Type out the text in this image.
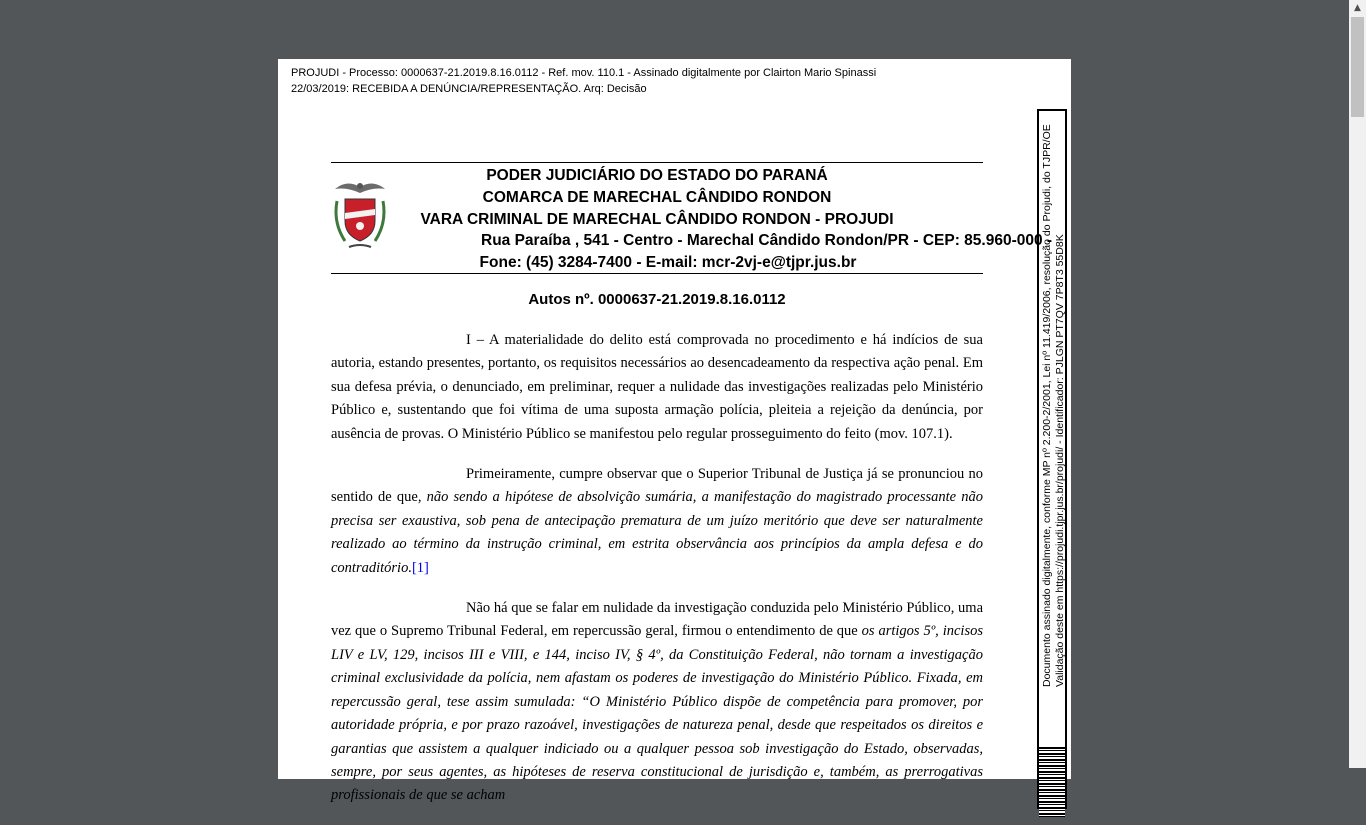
▲
PROJUDI - Processo: 0000637-21.2019.8.16.0112 - Ref. mov. 110.1 - Assinado digitalmente por Clairton Mario Spinassi
22/03/2019: RECEBIDA A DENÚNCIA/REPRESENTAÇÃO. Arq: Decisão
Documento assinado digitalmente, conforme MP nº 2.200-2/2001, Lei nº 11.419/2006, resolução do Projudi, do TJPR/OE Validação deste em https://projudi.tjpr.jus.br/projudi/ - Identificador: PJLGN PT7QV 7P8T3 55D8K
PODER JUDICIÁRIO DO ESTADO DO PARANÁ
COMARCA DE MARECHAL CÂNDIDO RONDON
VARA CRIMINAL DE MARECHAL CÂNDIDO RONDON - PROJUDI
Rua Paraíba , 541 - Centro - Marechal Cândido Rondon/PR - CEP: 85.960-000 -
Fone: (45) 3284-7400 - E-mail: mcr-2vj-e@tjpr.jus.br
Autos nº. 0000637-21.2019.8.16.0112

I – A materialidade do delito está comprovada no procedimento e há indícios de sua autoria, estando presentes, portanto, os requisitos necessários ao desencadeamento da respectiva ação penal. Em sua defesa prévia, o denunciado, em preliminar, requer a nulidade das investigações realizadas pelo Ministério Público e, sustentando que foi vítima de uma suposta armação polícia, pleiteia a rejeição da denúncia, por ausência de provas. O Ministério Público se manifestou pelo regular prosseguimento do feito (mov. 107.1).

Primeiramente, cumpre observar que o Superior Tribunal de Justiça já se pronunciou no sentido de que, não sendo a hipótese de absolvição sumária, a manifestação do magistrado processante não precisa ser exaustiva, sob pena de antecipação prematura de um juízo meritório que deve ser naturalmente realizado ao término da instrução criminal, em estrita observância aos princípios da ampla defesa e do contraditório.[1]

Não há que se falar em nulidade da investigação conduzida pelo Ministério Público, uma vez que o Supremo Tribunal Federal, em repercussão geral, firmou o entendimento de que os artigos 5º, incisos LIV e LV, 129, incisos III e VIII, e 144, inciso IV, § 4º, da Constituição Federal, não tornam a investigação criminal exclusividade da polícia, nem afastam os poderes de investigação do Ministério Público. Fixada, em repercussão geral, tese assim sumulada: “O Ministério Público dispõe de competência para promover, por autoridade própria, e por prazo razoável, investigações de natureza penal, desde que respeitados os direitos e garantias que assistem a qualquer indiciado ou a qualquer pessoa sob investigação do Estado, observadas, sempre, por seus agentes, as hipóteses de reserva constitucional de jurisdição e, também, as prerrogativas profissionais de que se acham
